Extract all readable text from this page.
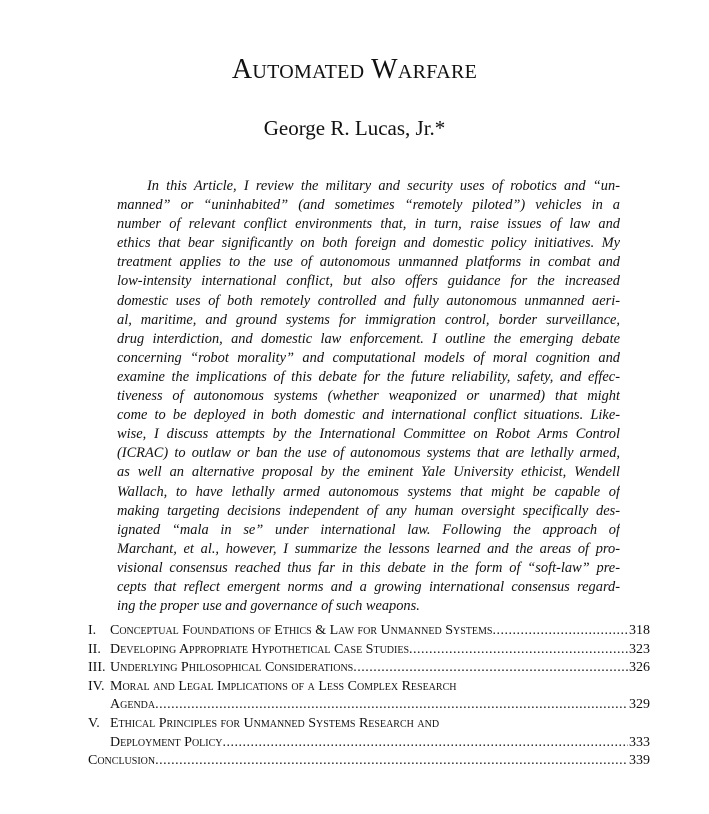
Automated Warfare
George R. Lucas, Jr.*
In this Article, I review the military and security uses of robotics and “un-
manned” or “uninhabited” (and sometimes “remotely piloted”) vehicles in a
number of relevant conflict environments that, in turn, raise issues of law and
ethics that bear significantly on both foreign and domestic policy initiatives. My
treatment applies to the use of autonomous unmanned platforms in combat and
low-intensity international conflict, but also offers guidance for the increased
domestic uses of both remotely controlled and fully autonomous unmanned aeri-
al, maritime, and ground systems for immigration control, border surveillance,
drug interdiction, and domestic law enforcement. I outline the emerging debate
concerning “robot morality” and computational models of moral cognition and
examine the implications of this debate for the future reliability, safety, and effec-
tiveness of autonomous systems (whether weaponized or unarmed) that might
come to be deployed in both domestic and international conflict situations. Like-
wise, I discuss attempts by the International Committee on Robot Arms Control
(ICRAC) to outlaw or ban the use of autonomous systems that are lethally armed,
as well an alternative proposal by the eminent Yale University ethicist, Wendell
Wallach, to have lethally armed autonomous systems that might be capable of
making targeting decisions independent of any human oversight specifically des-
ignated “mala in se” under international law. Following the approach of
Marchant, et al., however, I summarize the lessons learned and the areas of pro-
visional consensus reached thus far in this debate in the form of “soft-law” pre-
cepts that reflect emergent norms and a growing international consensus regard-
ing the proper use and governance of such weapons.
I. Conceptual Foundations of Ethics & Law for Unmanned Systems .....	318
II. Developing Appropriate Hypothetical Case Studies .....	323
III. Underlying Philosophical Considerations .....	326
IV. Moral and Legal Implications of a Less Complex Research
Agenda .....	329
V. Ethical Principles for Unmanned Systems Research and
Deployment Policy .....	333
Conclusion .....	339
